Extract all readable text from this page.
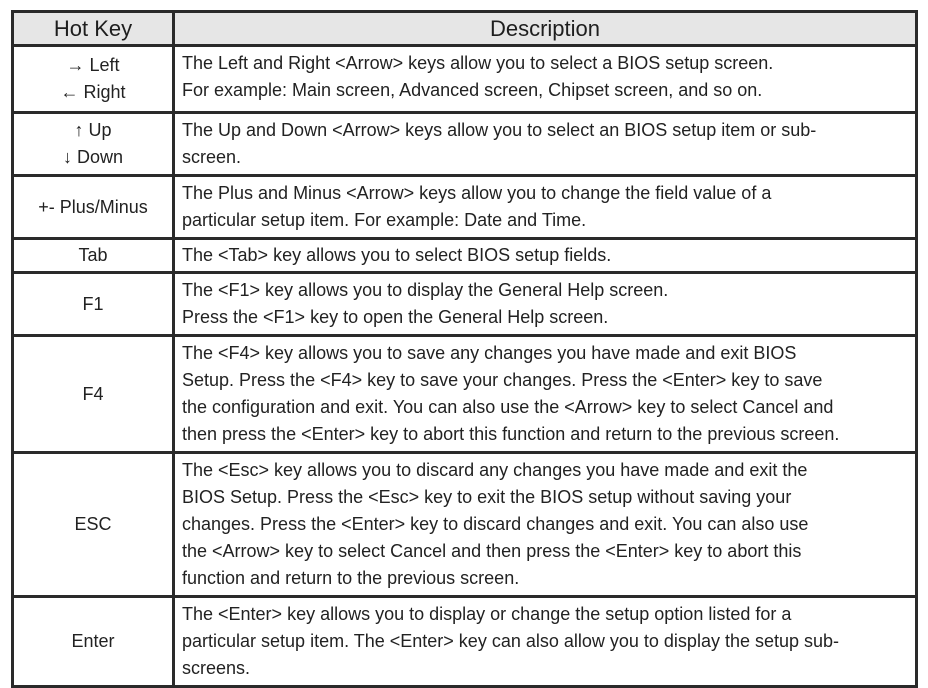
Hot Key	Description

→ Left
← Right	The Left and Right <Arrow> keys allow you to select a BIOS setup screen.
For example: Main screen, Advanced screen, Chipset screen, and so on.

↑ Up
↓ Down	The Up and Down <Arrow> keys allow you to select an BIOS setup item or sub-
screen.

+- Plus/Minus	The Plus and Minus <Arrow> keys allow you to change the field value of a
particular setup item. For example: Date and Time.

Tab	The <Tab> key allows you to select BIOS setup fields.

F1	The <F1> key allows you to display the General Help screen.
Press the <F1> key to open the General Help screen.

F4	The <F4> key allows you to save any changes you have made and exit BIOS
Setup. Press the <F4> key to save your changes. Press the <Enter> key to save
the configuration and exit. You can also use the <Arrow> key to select Cancel and
then press the <Enter> key to abort this function and return to the previous screen.

ESC	The <Esc> key allows you to discard any changes you have made and exit the
BIOS Setup. Press the <Esc> key to exit the BIOS setup without saving your
changes. Press the <Enter> key to discard changes and exit. You can also use
the <Arrow> key to select Cancel and then press the <Enter> key to abort this
function and return to the previous screen.

Enter	The <Enter> key allows you to display or change the setup option listed for a
particular setup item. The <Enter> key can also allow you to display the setup sub-
screens.
